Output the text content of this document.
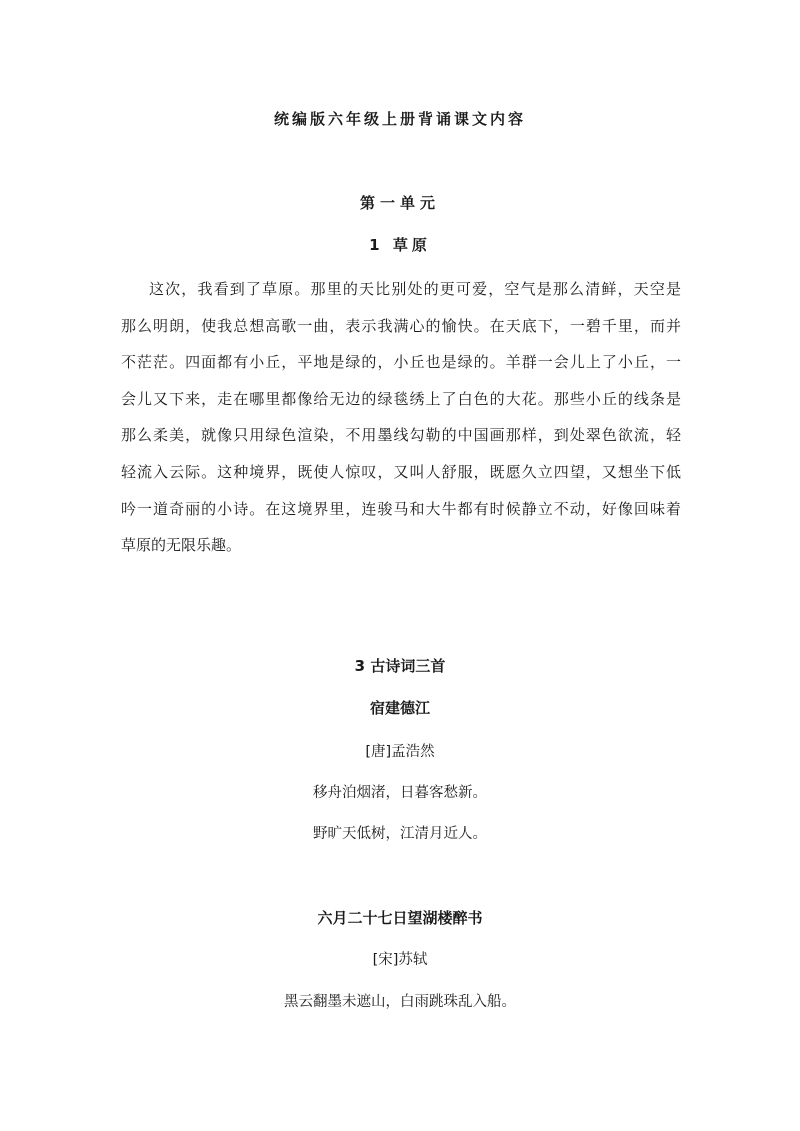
统编版六年级上册背诵课文内容
第一单元
1 草原
这次，我看到了草原。那里的天比别处的更可爱，空气是那么清鲜，天空是
那么明朗，使我总想高歌一曲，表示我满心的愉快。在天底下，一碧千里，而并
不茫茫。四面都有小丘，平地是绿的，小丘也是绿的。羊群一会儿上了小丘，一
会儿又下来，走在哪里都像给无边的绿毯绣上了白色的大花。那些小丘的线条是
那么柔美，就像只用绿色渲染，不用墨线勾勒的中国画那样，到处翠色欲流，轻
轻流入云际。这种境界，既使人惊叹，又叫人舒服，既愿久立四望，又想坐下低
吟一道奇丽的小诗。在这境界里，连骏马和大牛都有时候静立不动，好像回味着
草原的无限乐趣。
3 古诗词三首
宿建德江
[唐]孟浩然
移舟泊烟渚，日暮客愁新。
野旷天低树，江清月近人。
六月二十七日望湖楼醉书
[宋]苏轼
黑云翻墨未遮山，白雨跳珠乱入船。
